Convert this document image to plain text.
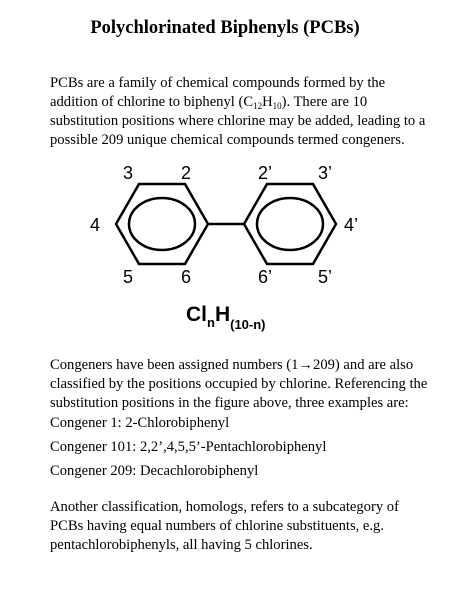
Polychlorinated Biphenyls (PCBs)

PCBs are a family of chemical compounds formed by the addition of chlorine to biphenyl $(C_{12}H_{10})$. There are 10 substitution positions where chlorine may be added, leading to a possible 209 unique chemical compounds termed congeners.

3	2
4
5	6
2’	3’
4’
6’	5’
$Cl_nH_{(10-n)}$

Congeners have been assigned numbers (1→209) and are also classified by the positions occupied by chlorine. Referencing the substitution positions in the figure above, three examples are:

Congener 1: 2-Chlorobiphenyl

Congener 101: 2,2’,4,5,5’-Pentachlorobiphenyl

Congener 209: Decachlorobiphenyl

Another classification, homologs, refers to a subcategory of PCBs having equal numbers of chlorine substituents, e.g. pentachlorobiphenyls, all having 5 chlorines.
